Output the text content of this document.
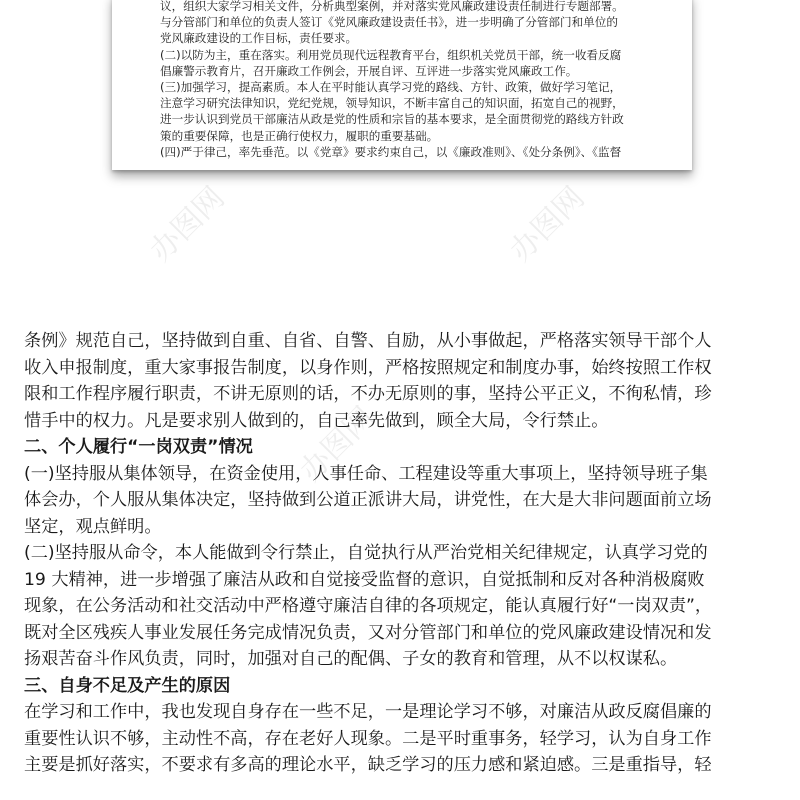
议，组织大家学习相关文件，分析典型案例，并对落实党风廉政建设责任制进行专题部署。
与分管部门和单位的负责人签订《党风廉政建设责任书》，进一步明确了分管部门和单位的
党风廉政建设的工作目标，责任要求。
(二)以防为主，重在落实。利用党员现代远程教育平台，组织机关党员干部，统一收看反腐
倡廉警示教育片，召开廉政工作例会，开展自评、互评进一步落实党风廉政工作。
(三)加强学习，提高素质。本人在平时能认真学习党的路线、方针、政策，做好学习笔记，
注意学习研究法律知识，党纪党规，领导知识，不断丰富自己的知识面，拓宽自己的视野，
进一步认识到党员干部廉洁从政是党的性质和宗旨的基本要求，是全面贯彻党的路线方针政
策的重要保障，也是正确行使权力，履职的重要基础。
(四)严于律己，率先垂范。以《党章》要求约束自己，以《廉政准则》、《处分条例》、《监督
办图网	办图网
办图网
条例》规范自己，坚持做到自重、自省、自警、自励，从小事做起，严格落实领导干部个人
收入申报制度，重大家事报告制度，以身作则，严格按照规定和制度办事，始终按照工作权
限和工作程序履行职责，不讲无原则的话，不办无原则的事，坚持公平正义，不徇私情，珍
惜手中的权力。凡是要求别人做到的，自己率先做到，顾全大局，令行禁止。
二、个人履行“一岗双责”情况
(一)坚持服从集体领导，在资金使用，人事任命、工程建设等重大事项上，坚持领导班子集
体会办，个人服从集体决定，坚持做到公道正派讲大局，讲党性，在大是大非问题面前立场
坚定，观点鲜明。
(二)坚持服从命令，本人能做到令行禁止，自觉执行从严治党相关纪律规定，认真学习党的
19 大精神，进一步增强了廉洁从政和自觉接受监督的意识，自觉抵制和反对各种消极腐败
现象，在公务活动和社交活动中严格遵守廉洁自律的各项规定，能认真履行好“一岗双责”，
既对全区残疾人事业发展任务完成情况负责，又对分管部门和单位的党风廉政建设情况和发
扬艰苦奋斗作风负责，同时，加强对自己的配偶、子女的教育和管理，从不以权谋私。
三、自身不足及产生的原因
在学习和工作中，我也发现自身存在一些不足，一是理论学习不够，对廉洁从政反腐倡廉的
重要性认识不够，主动性不高，存在老好人现象。二是平时重事务，轻学习，认为自身工作
主要是抓好落实，不要求有多高的理论水平，缺乏学习的压力感和紧迫感。三是重指导，轻
